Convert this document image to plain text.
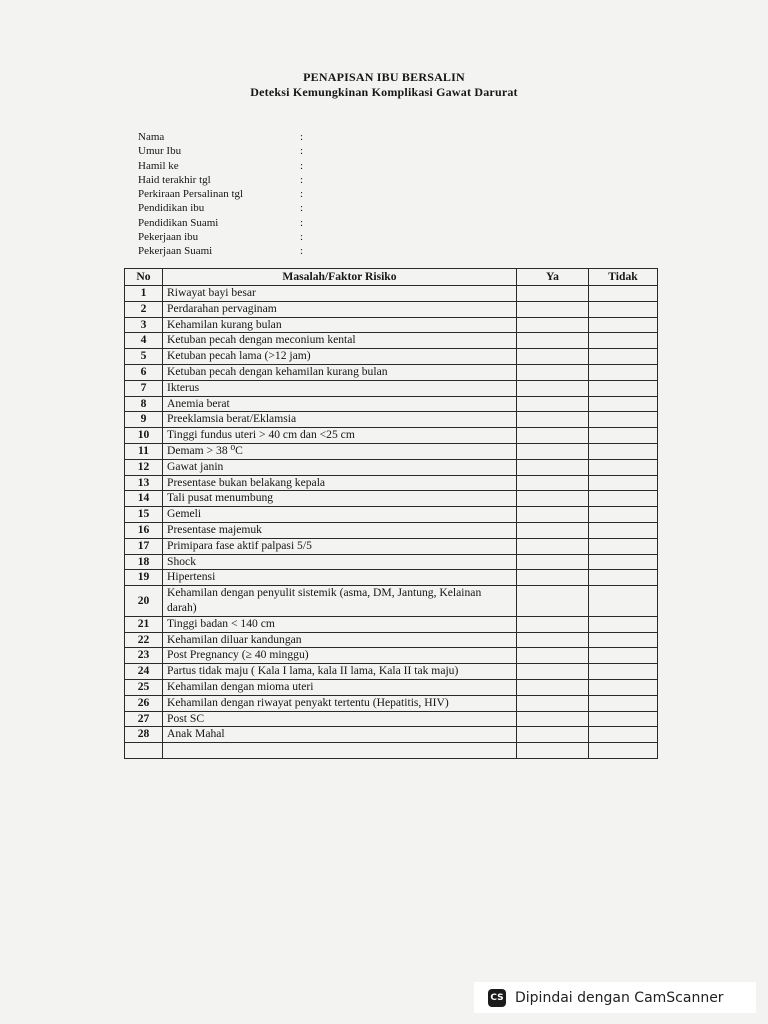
PENAPISAN IBU BERSALIN
Deteksi Kemungkinan Komplikasi Gawat Darurat
Nama	:
Umur Ibu	:
Hamil ke	:
Haid terakhir tgl	:
Perkiraan Persalinan tgl	:
Pendidikan ibu	:
Pendidikan Suami	:
Pekerjaan ibu	:
Pekerjaan Suami	:
No	Masalah/Faktor Risiko	Ya	Tidak
1	Riwayat bayi besar		
2	Perdarahan pervaginam		
3	Kehamilan kurang bulan		
4	Ketuban pecah dengan meconium kental		
5	Ketuban pecah lama (>12 jam)		
6	Ketuban pecah dengan kehamilan kurang bulan		
7	Ikterus		
8	Anemia berat		
9	Preeklamsia berat/Eklamsia		
10	Tinggi fundus uteri > 40 cm dan <25 cm		
11	Demam > 38 ⁰C		
12	Gawat janin		
13	Presentase bukan belakang kepala		
14	Tali pusat menumbung		
15	Gemeli		
16	Presentase majemuk		
17	Primipara fase aktif palpasi 5/5		
18	Shock		
19	Hipertensi		
20	Kehamilan dengan penyulit sistemik (asma, DM, Jantung, Kelainan darah)		
21	Tinggi badan < 140 cm		
22	Kehamilan diluar kandungan		
23	Post Pregnancy (≥ 40 minggu)		
24	Partus tidak maju ( Kala I lama, kala II lama, Kala II tak maju)		
25	Kehamilan dengan mioma uteri		
26	Kehamilan dengan riwayat penyakt tertentu (Hepatitis, HIV)		
27	Post SC		
28	Anak Mahal		

CS Dipindai dengan CamScanner
